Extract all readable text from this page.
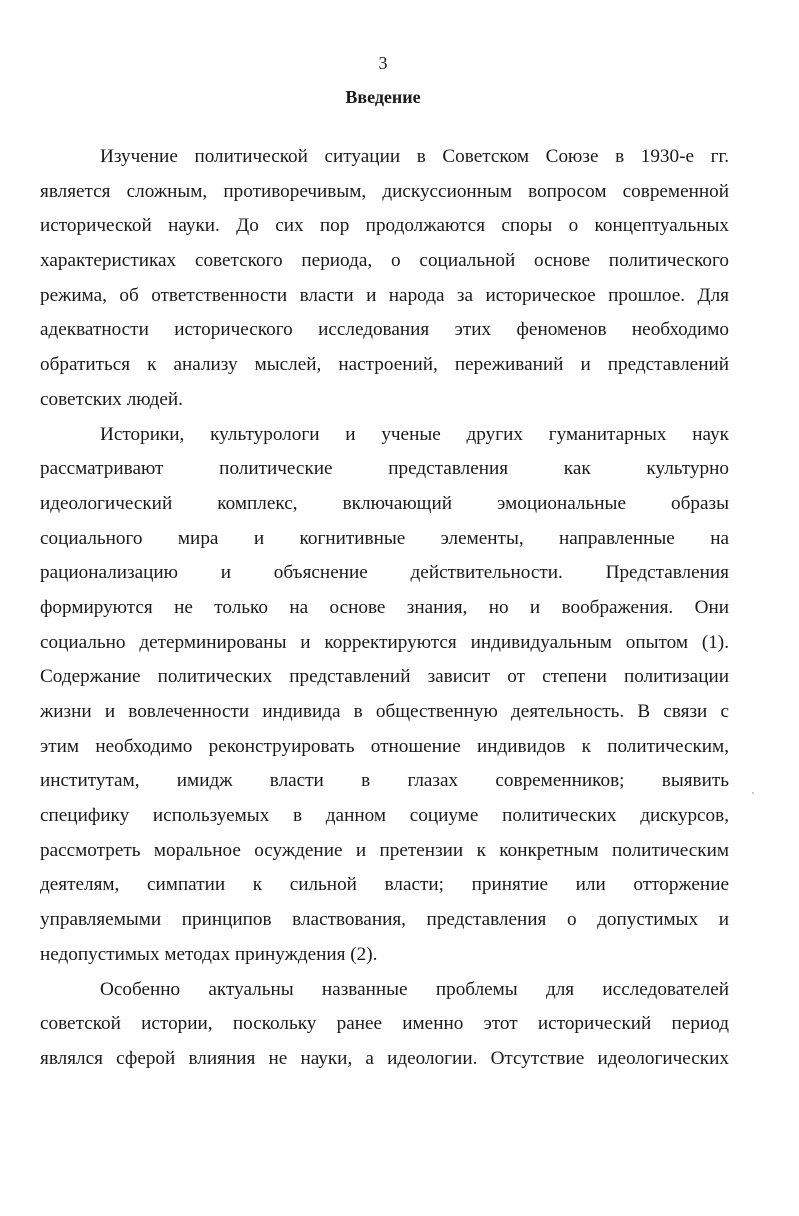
3
Введение
Изучение политической ситуации в Советском Союзе в 1930-е гг.
является сложным, противоречивым, дискуссионным вопросом современной
исторической науки. До сих пор продолжаются споры о концептуальных
характеристиках советского периода, о социальной основе политического
режима, об ответственности власти и народа за историческое прошлое. Для
адекватности исторического исследования этих феноменов необходимо
обратиться к анализу мыслей, настроений, переживаний и представлений
советских людей.
Историки, культурологи и ученые других гуманитарных наук
рассматривают политические представления как культурно
идеологический комплекс, включающий эмоциональные образы
социального мира и когнитивные элементы, направленные на
рационализацию и объяснение действительности. Представления
формируются не только на основе знания, но и воображения. Они
социально детерминированы и корректируются индивидуальным опытом (1).
Содержание политических представлений зависит от степени политизации
жизни и вовлеченности индивида в общественную деятельность. В связи с
этим необходимо реконструировать отношение индивидов к политическим,
институтам, имидж власти в глазах современников; выявить
специфику используемых в данном социуме политических дискурсов,
рассмотреть моральное осуждение и претензии к конкретным политическим
деятелям, симпатии к сильной власти; принятие или отторжение
управляемыми принципов властвования, представления о допустимых и
недопустимых методах принуждения (2).
Особенно актуальны названные проблемы для исследователей
советской истории, поскольку ранее именно этот исторический период
являлся сферой влияния не науки, а идеологии. Отсутствие идеологических
